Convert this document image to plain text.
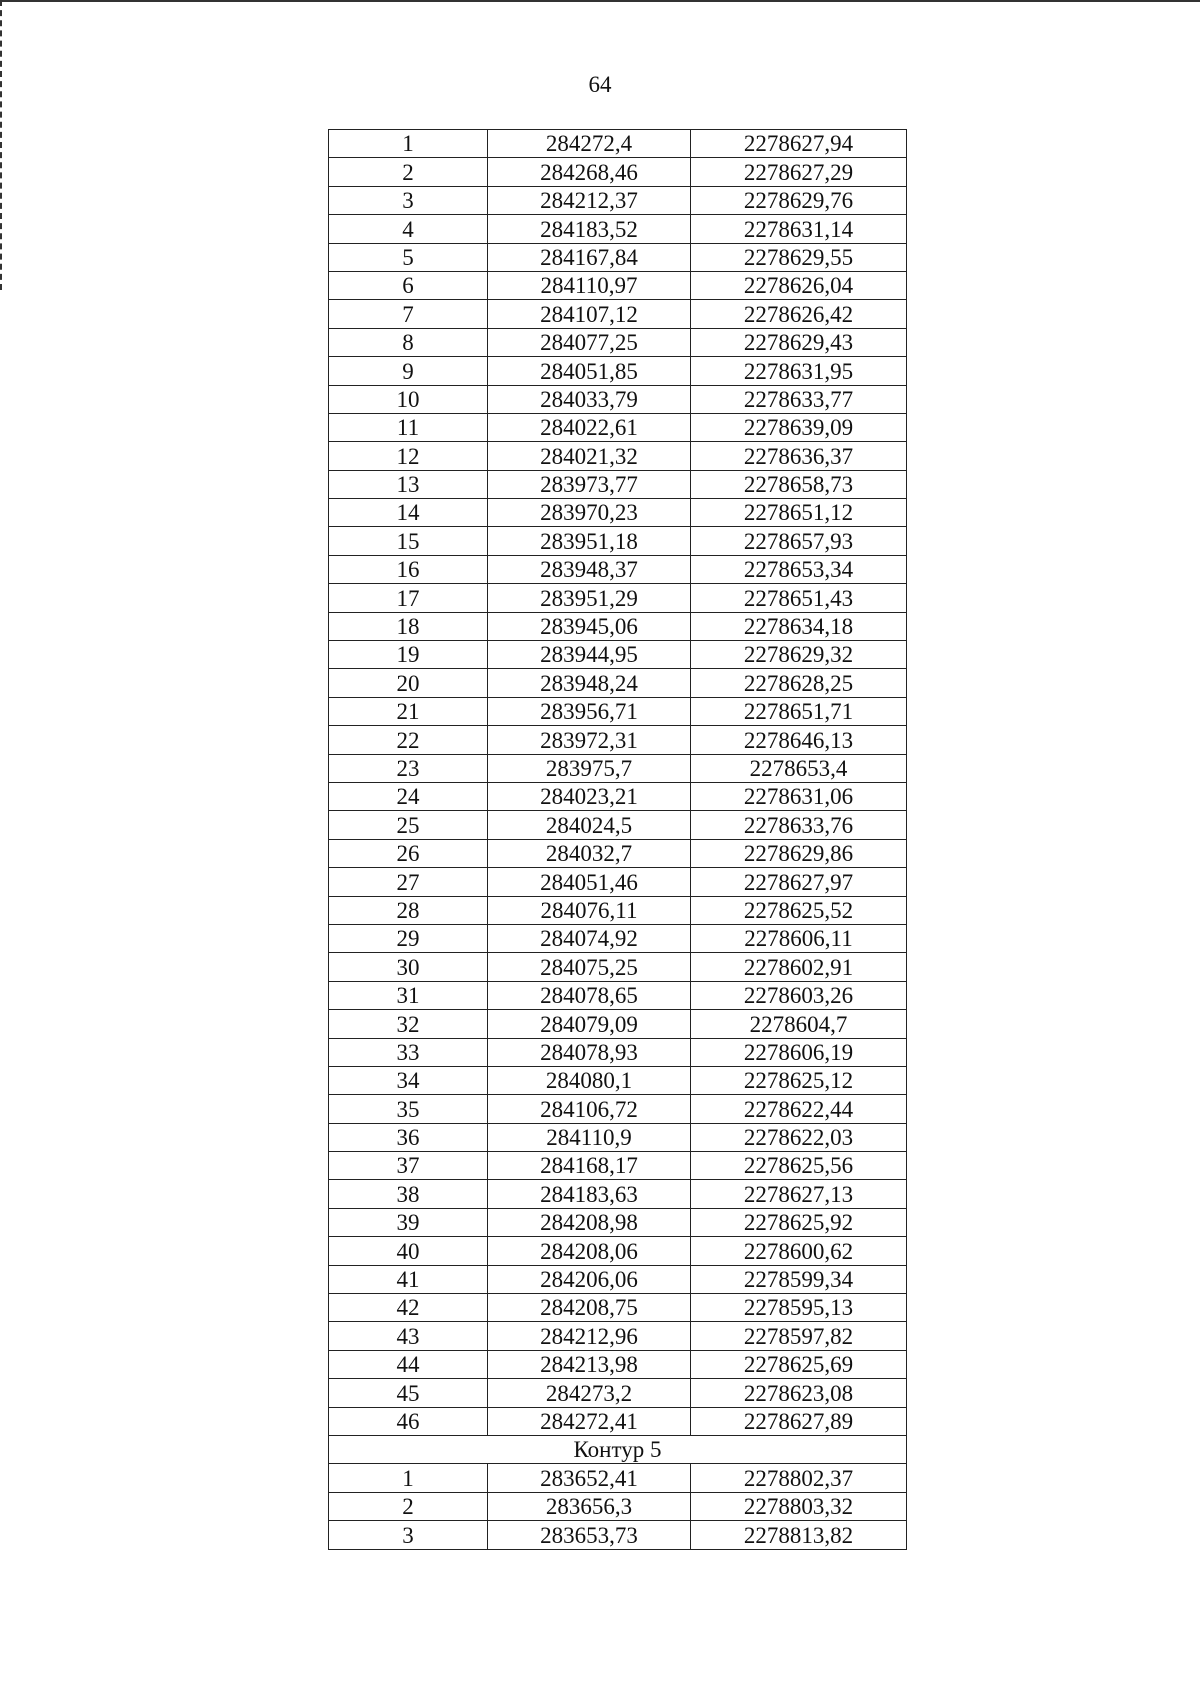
64
1	284272,4	2278627,94
2	284268,46	2278627,29
3	284212,37	2278629,76
4	284183,52	2278631,14
5	284167,84	2278629,55
6	284110,97	2278626,04
7	284107,12	2278626,42
8	284077,25	2278629,43
9	284051,85	2278631,95
10	284033,79	2278633,77
11	284022,61	2278639,09
12	284021,32	2278636,37
13	283973,77	2278658,73
14	283970,23	2278651,12
15	283951,18	2278657,93
16	283948,37	2278653,34
17	283951,29	2278651,43
18	283945,06	2278634,18
19	283944,95	2278629,32
20	283948,24	2278628,25
21	283956,71	2278651,71
22	283972,31	2278646,13
23	283975,7	2278653,4
24	284023,21	2278631,06
25	284024,5	2278633,76
26	284032,7	2278629,86
27	284051,46	2278627,97
28	284076,11	2278625,52
29	284074,92	2278606,11
30	284075,25	2278602,91
31	284078,65	2278603,26
32	284079,09	2278604,7
33	284078,93	2278606,19
34	284080,1	2278625,12
35	284106,72	2278622,44
36	284110,9	2278622,03
37	284168,17	2278625,56
38	284183,63	2278627,13
39	284208,98	2278625,92
40	284208,06	2278600,62
41	284206,06	2278599,34
42	284208,75	2278595,13
43	284212,96	2278597,82
44	284213,98	2278625,69
45	284273,2	2278623,08
46	284272,41	2278627,89
Контур 5		
1	283652,41	2278802,37
2	283656,3	2278803,32
3	283653,73	2278813,82
